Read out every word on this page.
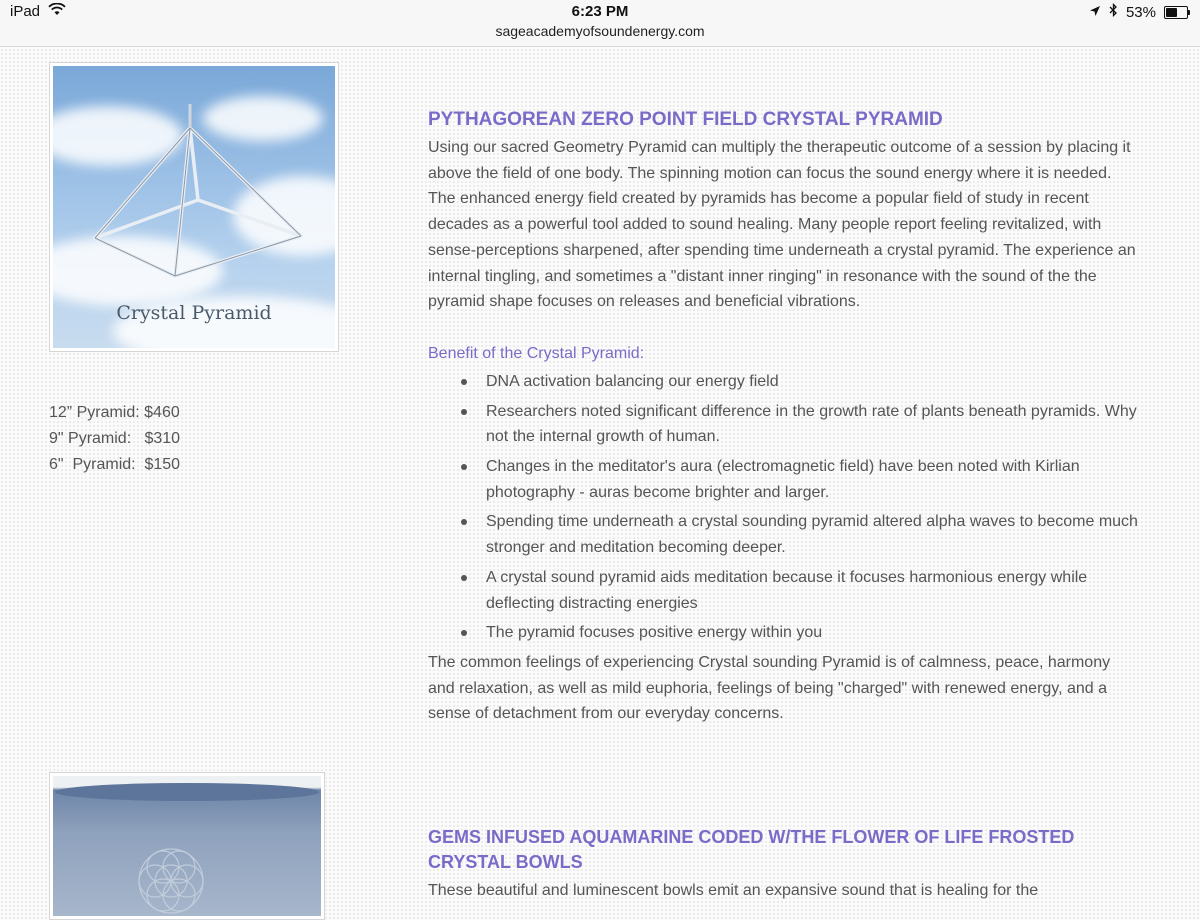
iPad	6:23 PM
sageacademyofsoundenergy.com
53%
Crystal Pyramid
12” Pyramid: $460
9" Pyramid:   $310
6"  Pyramid:  $150
PYTHAGOREAN ZERO POINT FIELD CRYSTAL PYRAMID

Using our sacred Geometry Pyramid can multiply the therapeutic outcome of a session by placing it above the field of one body. The spinning motion can focus the sound energy where it is needed. The enhanced energy field created by pyramids has become a popular field of study in recent decades as a powerful tool added to sound healing. Many people report feeling revitalized, with sense-perceptions sharpened, after spending time underneath a crystal pyramid. The experience an internal tingling, and sometimes a "distant inner ringing" in resonance with the sound of the the pyramid shape focuses on releases and beneficial vibrations.

Benefit of the Crystal Pyramid:

DNA activation balancing our energy field
Researchers noted significant difference in the growth rate of plants beneath pyramids. Why not the internal growth of human.
Changes in the meditator's aura (electromagnetic field) have been noted with Kirlian photography - auras become brighter and larger.
Spending time underneath a crystal sounding pyramid altered alpha waves to become much stronger and meditation becoming deeper.
A crystal sound pyramid aids meditation because it focuses harmonious energy while deflecting distracting energies
The pyramid focuses positive energy within you

The common feelings of experiencing Crystal sounding Pyramid is of calmness, peace, harmony and relaxation, as well as mild euphoria, feelings of being "charged" with renewed energy, and a sense of detachment from our everyday concerns.

GEMS INFUSED AQUAMARINE CODED W/THE FLOWER OF LIFE FROSTED CRYSTAL BOWLS

These beautiful and luminescent bowls emit an expansive sound that is healing for the
